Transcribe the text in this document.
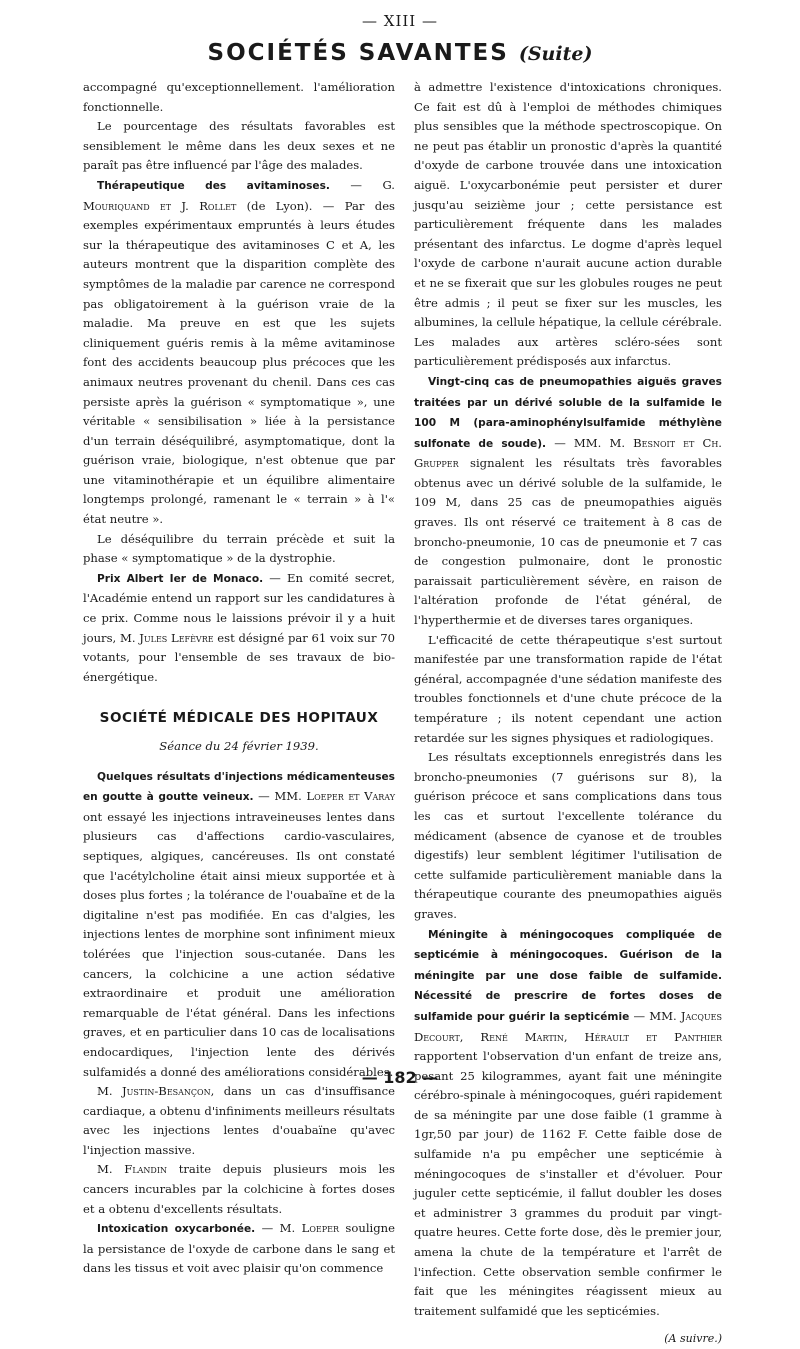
— XIII —
SOCIÉTÉS SAVANTES (Suite)

accompagné qu'exceptionnellement. l'amélioration fonctionnelle.

Le pourcentage des résultats favorables est sensiblement le même dans les deux sexes et ne paraît pas être influencé par l'âge des malades.

Thérapeutique des avitaminoses. — G. Mouriquand et J. Rollet (de Lyon). — Par des exemples expérimentaux empruntés à leurs études sur la thérapeutique des avitaminoses C et A, les auteurs montrent que la disparition complète des symptômes de la maladie par carence ne correspond pas obligatoirement à la guérison vraie de la maladie. Ma preuve en est que les sujets cliniquement guéris remis à la même avitaminose font des accidents beaucoup plus précoces que les animaux neutres provenant du chenil. Dans ces cas persiste après la guérison « symptomatique », une véritable « sensibilisation » liée à la persistance d'un terrain déséquilibré, asymptomatique, dont la guérison vraie, biologique, n'est obtenue que par une vitaminothérapie et un équilibre alimentaire longtemps prolongé, ramenant le « terrain » à l'« état neutre ».

Le déséquilibre du terrain précède et suit la phase « symptomatique » de la dystrophie.

Prix Albert Ier de Monaco. — En comité secret, l'Académie entend un rapport sur les candidatures à ce prix. Comme nous le laissions prévoir il y a huit jours, M. Jules Lefèvre est désigné par 61 voix sur 70 votants, pour l'ensemble de ses travaux de bio-énergétique.

SOCIÉTÉ MÉDICALE DES HOPITAUX
Séance du 24 février 1939.

Quelques résultats d'injections médicamenteuses en goutte à goutte veineux. — MM. Loeper et Varay ont essayé les injections intraveineuses lentes dans plusieurs cas d'affections cardio-vasculaires, septiques, algiques, cancéreuses. Ils ont constaté que l'acétylcholine était ainsi mieux supportée et à doses plus fortes ; la tolérance de l'ouabaïne et de la digitaline n'est pas modifiée. En cas d'algies, les injections lentes de morphine sont infiniment mieux tolérées que l'injection sous-cutanée. Dans les cancers, la colchicine a une action sédative extraordinaire et produit une amélioration remarquable de l'état général. Dans les infections graves, et en particulier dans 10 cas de localisations endocardiques, l'injection lente des dérivés sulfamidés a donné des améliorations considérables.

M. Justin-Besançon, dans un cas d'insuffisance cardiaque, a obtenu d'infiniments meilleurs résultats avec les injections lentes d'ouabaïne qu'avec l'injection massive.

M. Flandin traite depuis plusieurs mois les cancers incurables par la colchicine à fortes doses et a obtenu d'excellents résultats.

Intoxication oxycarbonée. — M. Loeper souligne la persistance de l'oxyde de carbone dans le sang et dans les tissus et voit avec plaisir qu'on commence

à admettre l'existence d'intoxications chroniques. Ce fait est dû à l'emploi de méthodes chimiques plus sensibles que la méthode spectroscopique. On ne peut pas établir un pronostic d'après la quantité d'oxyde de carbone trouvée dans une intoxication aiguë. L'oxycarbonémie peut persister et durer jusqu'au seizième jour ; cette persistance est particulièrement fréquente dans les malades présentant des infarctus. Le dogme d'après lequel l'oxyde de carbone n'aurait aucune action durable et ne se fixerait que sur les globules rouges ne peut être admis ; il peut se fixer sur les muscles, les albumines, la cellule hépatique, la cellule cérébrale. Les malades aux artères scléro-sées sont particulièrement prédisposés aux infarctus.

Vingt-cinq cas de pneumopathies aiguës graves traitées par un dérivé soluble de la sulfamide le 100 M (para-aminophénylsulfamide méthylène sulfonate de soude). — MM. M. Besnoit et Ch. Grupper signalent les résultats très favorables obtenus avec un dérivé soluble de la sulfamide, le 109 M, dans 25 cas de pneumopathies aiguës graves. Ils ont réservé ce traitement à 8 cas de broncho-pneumonie, 10 cas de pneumonie et 7 cas de congestion pulmonaire, dont le pronostic paraissait particulièrement sévère, en raison de l'altération profonde de l'état général, de l'hyperthermie et de diverses tares organiques.

L'efficacité de cette thérapeutique s'est surtout manifestée par une transformation rapide de l'état général, accompagnée d'une sédation manifeste des troubles fonctionnels et d'une chute précoce de la température ; ils notent cependant une action retardée sur les signes physiques et radiologiques.

Les résultats exceptionnels enregistrés dans les broncho-pneumonies (7 guérisons sur 8), la guérison précoce et sans complications dans tous les cas et surtout l'excellente tolérance du médicament (absence de cyanose et de troubles digestifs) leur semblent légitimer l'utilisation de cette sulfamide particulièrement maniable dans la thérapeutique courante des pneumopathies aiguës graves.

Méningite à méningocoques compliquée de septicémie à méningocoques. Guérison de la méningite par une dose faible de sulfamide. Nécessité de prescrire de fortes doses de sulfamide pour guérir la septicémie — MM. Jacques Decourt, René Martin, Hérault et Panthier rapportent l'observation d'un enfant de treize ans, pesant 25 kilogrammes, ayant fait une méningite cérébro-spinale à méningocoques, guéri rapidement de sa méningite par une dose faible (1 gramme à 1gr,50 par jour) de 1162 F. Cette faible dose de sulfamide n'a pu empêcher une septicémie à méningocoques de s'installer et d'évoluer. Pour juguler cette septicémie, il fallut doubler les doses et administrer 3 grammes du produit par vingt-quatre heures. Cette forte dose, dès le premier jour, amena la chute de la température et l'arrêt de l'infection. Cette observation semble confirmer le fait que les méningites réagissent mieux au traitement sulfamidé que les septicémies.

(A suivre.)
— 182 —
